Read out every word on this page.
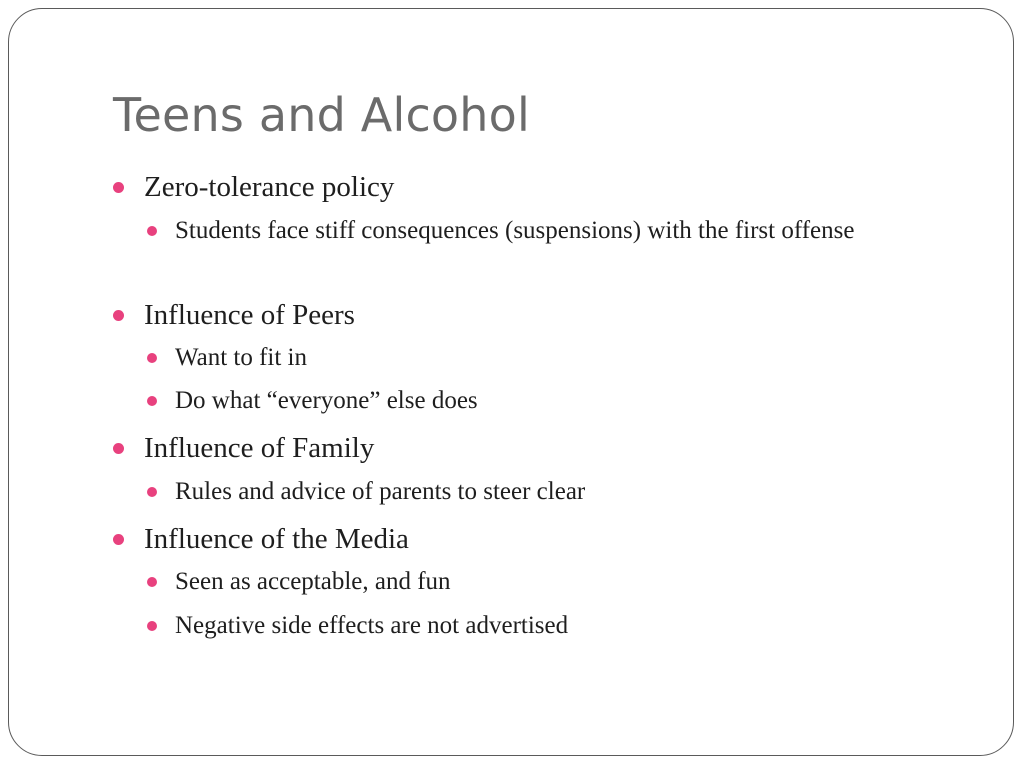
Teens and Alcohol
Zero-tolerance policy
Students face stiff consequences (suspensions) with the first offense
Influence of Peers
Want to fit in
Do what “everyone” else does
Influence of Family
Rules and advice of parents to steer clear
Influence of the Media
Seen as acceptable, and fun
Negative side effects are not advertised
